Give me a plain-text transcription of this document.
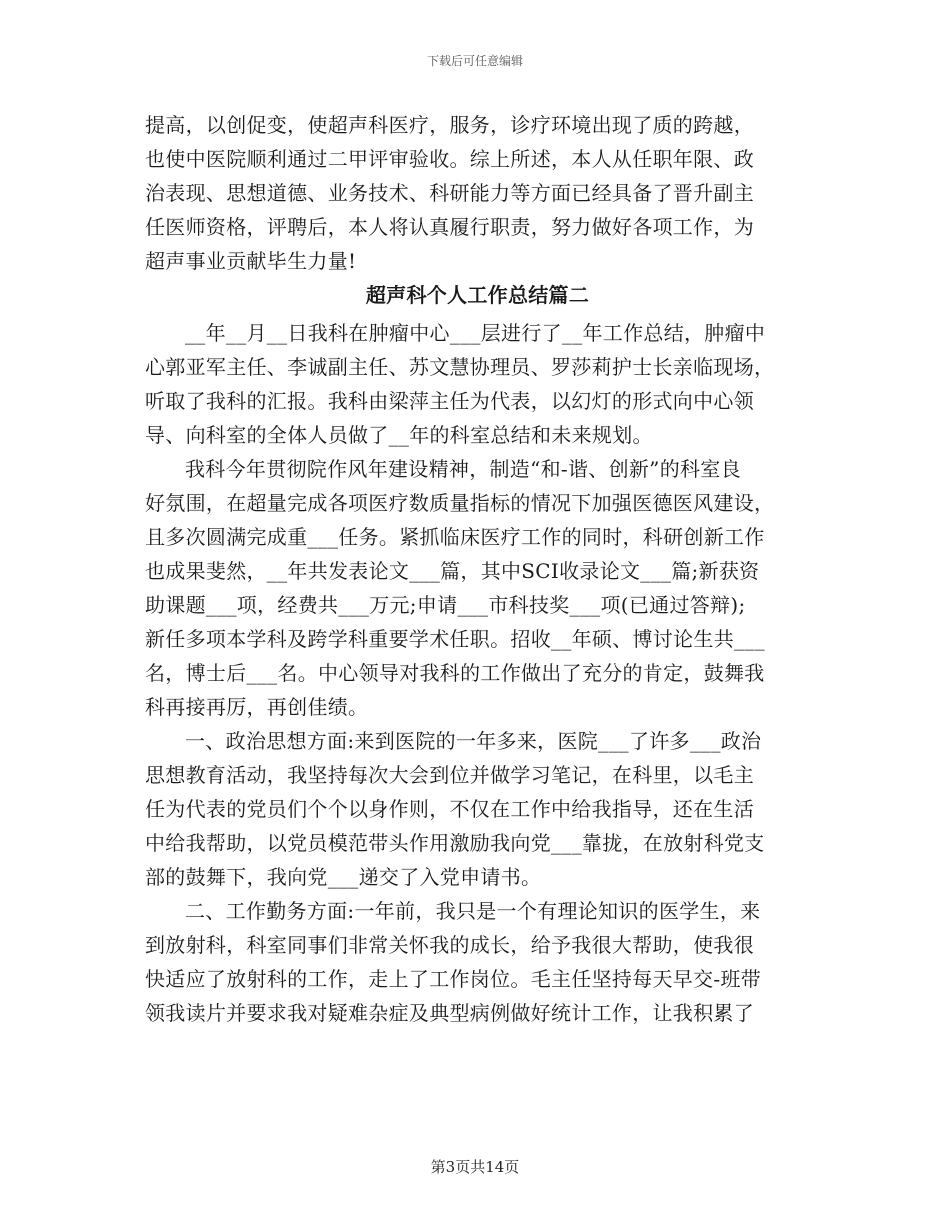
下载后可任意编辑
提高，以创促变，使超声科医疗，服务，诊疗环境出现了质的跨越，
也使中医院顺利通过二甲评审验收。综上所述，本人从任职年限、政
治表现、思想道德、业务技术、科研能力等方面已经具备了晋升副主
任医师资格，评聘后，本人将认真履行职责，努力做好各项工作，为
超声事业贡献毕生力量!
超声科个人工作总结篇二
__年__月__日我科在肿瘤中心___层进行了__年工作总结，肿瘤中
心郭亚军主任、李诚副主任、苏文慧协理员、罗莎莉护士长亲临现场，
听取了我科的汇报。我科由梁萍主任为代表，以幻灯的形式向中心领
导、向科室的全体人员做了__年的科室总结和未来规划。
我科今年贯彻院作风年建设精神，制造“和-谐、创新”的科室良
好氛围，在超量完成各项医疗数质量指标的情况下加强医德医风建设，
且多次圆满完成重___任务。紧抓临床医疗工作的同时，科研创新工作
也成果斐然，__年共发表论文___篇，其中SCI收录论文___篇;新获资
助课题___项，经费共___万元;申请___市科技奖___项(已通过答辩);
新任多项本学科及跨学科重要学术任职。招收__年硕、博讨论生共___
名，博士后___名。中心领导对我科的工作做出了充分的肯定，鼓舞我
科再接再厉，再创佳绩。
一、政治思想方面:来到医院的一年多来，医院___了许多___政治
思想教育活动，我坚持每次大会到位并做学习笔记，在科里，以毛主
任为代表的党员们个个以身作则，不仅在工作中给我指导，还在生活
中给我帮助，以党员模范带头作用激励我向党___靠拢，在放射科党支
部的鼓舞下，我向党___递交了入党申请书。
二、工作勤务方面:一年前，我只是一个有理论知识的医学生，来
到放射科，科室同事们非常关怀我的成长，给予我很大帮助，使我很
快适应了放射科的工作，走上了工作岗位。毛主任坚持每天早交-班带
领我读片并要求我对疑难杂症及典型病例做好统计工作，让我积累了
第3页共14页
